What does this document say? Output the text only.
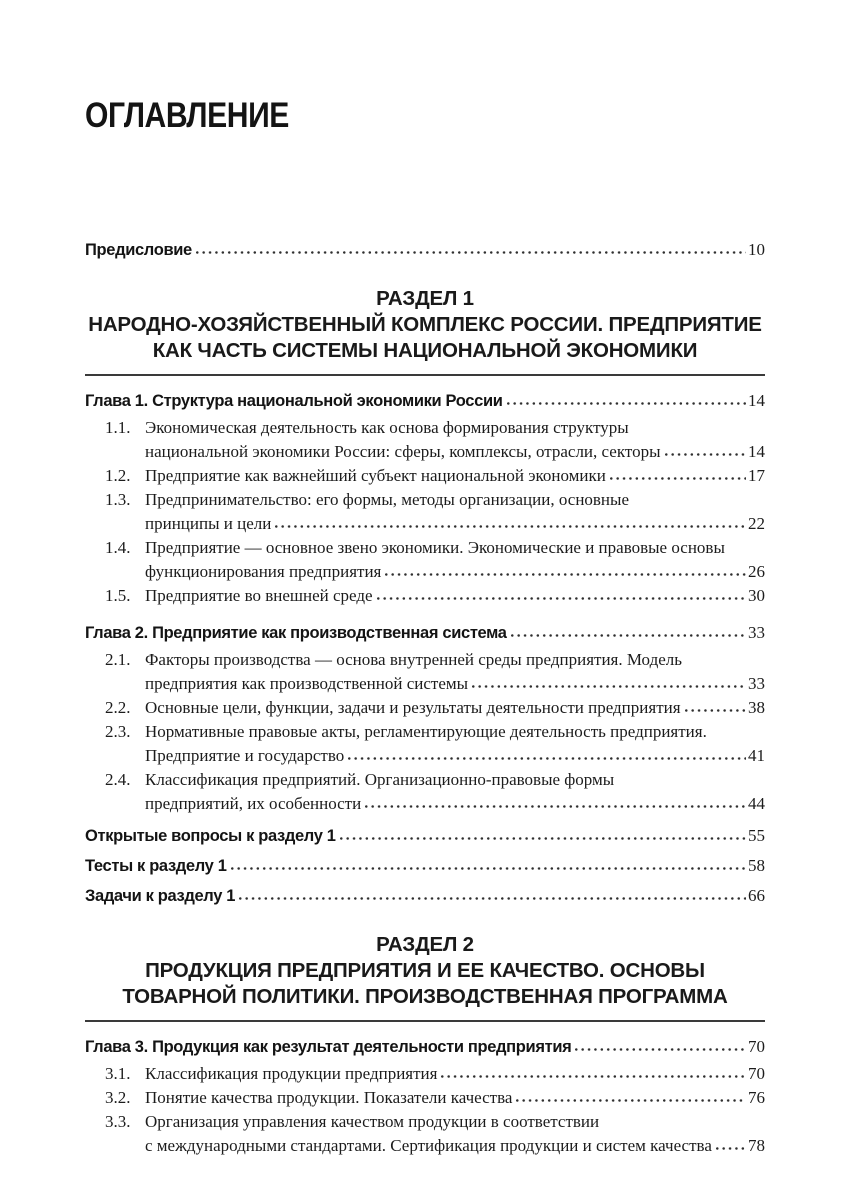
ОГЛАВЛЕНИЕ
Предисловие	10
РАЗДЕЛ 1
НАРОДНО-ХОЗЯЙСТВЕННЫЙ КОМПЛЕКС РОССИИ. ПРЕДПРИЯТИЕ
КАК ЧАСТЬ СИСТЕМЫ НАЦИОНАЛЬНОЙ ЭКОНОМИКИ
Глава 1. Структура национальной экономики России	14
1.1. Экономическая деятельность как основа формирования структуры
национальной экономики России: сферы, комплексы, отрасли, секторы	14
1.2. Предприятие как важнейший субъект национальной экономики	17
1.3. Предпринимательство: его формы, методы организации, основные
принципы и цели	22
1.4. Предприятие — основное звено экономики. Экономические и правовые основы
функционирования предприятия	26
1.5. Предприятие во внешней среде	30
Глава 2. Предприятие как производственная система	33
2.1. Факторы производства — основа внутренней среды предприятия. Модель
предприятия как производственной системы	33
2.2. Основные цели, функции, задачи и результаты деятельности предприятия	38
2.3. Нормативные правовые акты, регламентирующие деятельность предприятия.
Предприятие и государство	41
2.4. Классификация предприятий. Организационно-правовые формы
предприятий, их особенности	44
Открытые вопросы к разделу 1	55
Тесты к разделу 1	58
Задачи к разделу 1	66
РАЗДЕЛ 2
ПРОДУКЦИЯ ПРЕДПРИЯТИЯ И ЕЕ КАЧЕСТВО. ОСНОВЫ
ТОВАРНОЙ ПОЛИТИКИ. ПРОИЗВОДСТВЕННАЯ ПРОГРАММА
Глава 3. Продукция как результат деятельности предприятия	70
3.1. Классификация продукции предприятия	70
3.2. Понятие качества продукции. Показатели качества	76
3.3. Организация управления качеством продукции в соответствии
с международными стандартами. Сертификация продукции и систем качества 78
